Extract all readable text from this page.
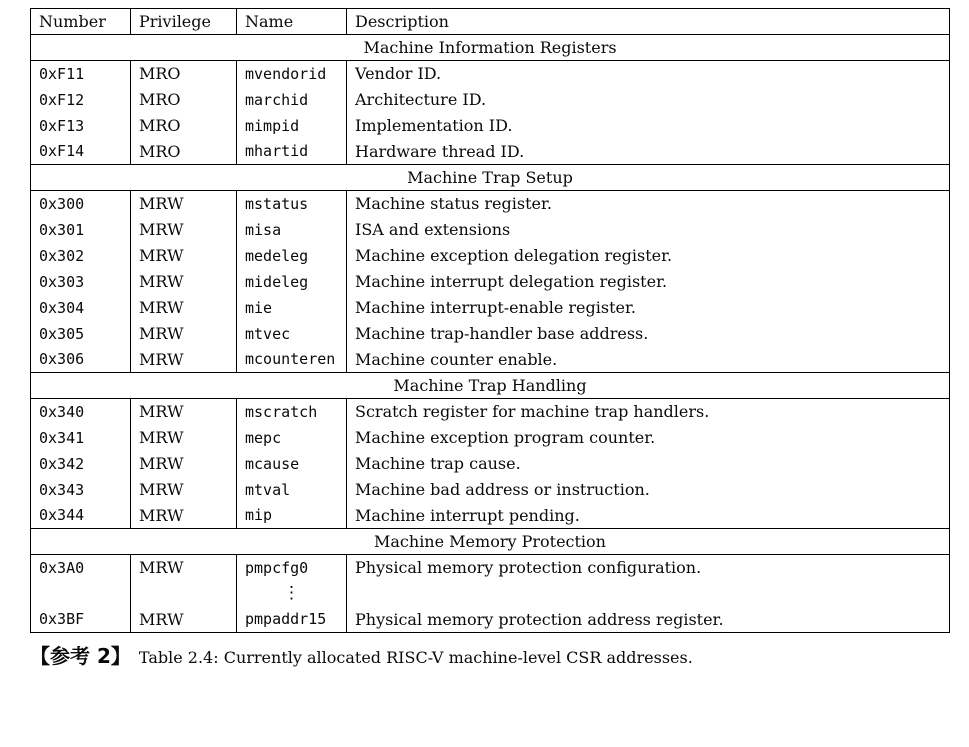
Number	Privilege	Name	Description
Machine Information Registers			
0xF11	MRO	mvendorid	Vendor ID.
0xF12	MRO	marchid	Architecture ID.
0xF13	MRO	mimpid	Implementation ID.
0xF14	MRO	mhartid	Hardware thread ID.
Machine Trap Setup			
0x300	MRW	mstatus	Machine status register.
0x301	MRW	misa	ISA and extensions
0x302	MRW	medeleg	Machine exception delegation register.
0x303	MRW	mideleg	Machine interrupt delegation register.
0x304	MRW	mie	Machine interrupt-enable register.
0x305	MRW	mtvec	Machine trap-handler base address.
0x306	MRW	mcounteren	Machine counter enable.
Machine Trap Handling			
0x340	MRW	mscratch	Scratch register for machine trap handlers.
0x341	MRW	mepc	Machine exception program counter.
0x342	MRW	mcause	Machine trap cause.
0x343	MRW	mtval	Machine bad address or instruction.
0x344	MRW	mip	Machine interrupt pending.
Machine Memory Protection			
0x3A0	MRW	pmpcfg0	Physical memory protection configuration.
		⋮	
0x3BF	MRW	pmpaddr15	Physical memory protection address register.
【参考 2】 Table 2.4: Currently allocated RISC-V machine-level CSR addresses.
